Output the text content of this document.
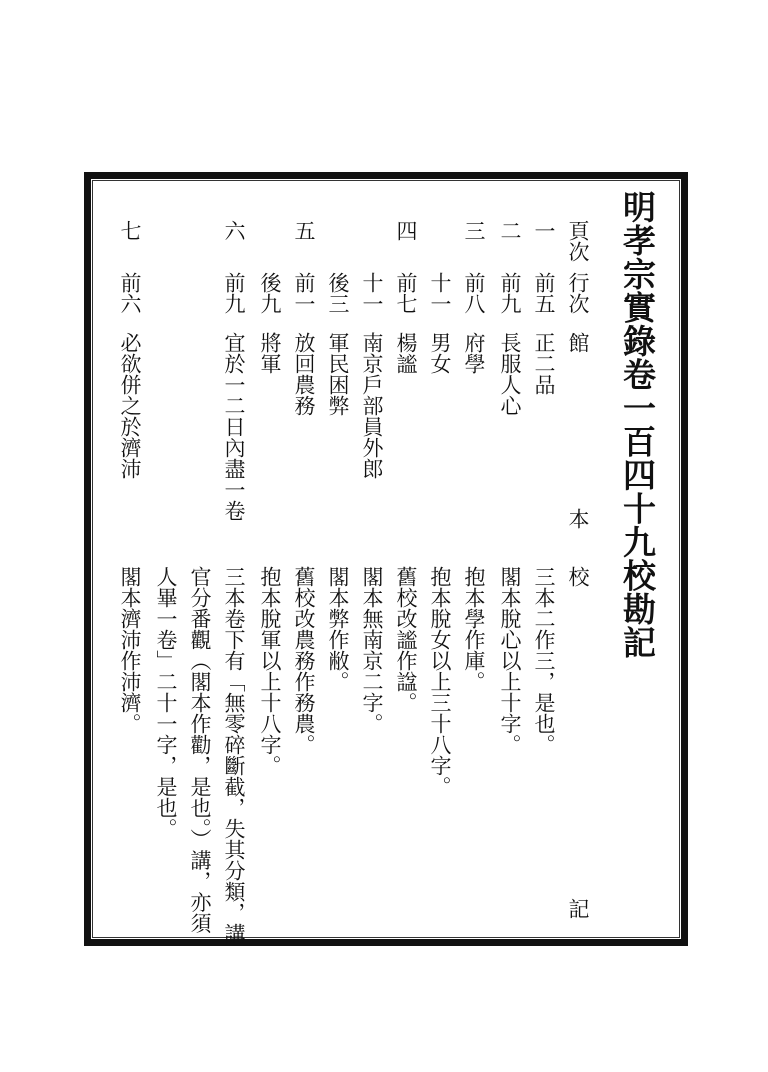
明孝宗實錄卷一百四十九校勘記
頁次
行次
館
本
校
記
一
前五
正二品
三本二作三，是也。
二
前九
長服人心
閣本脫心以上十字。
三
前八
府學
抱本學作庫。
十一
男女
抱本脫女以上三十八字。
四
前七
楊謐
舊校改謐作諡。
十一
南京戶部員外郎
閣本無南京二字。
後三
軍民困弊
閣本弊作敝。
五
前一
放回農務
舊校改農務作務農。
後九
將軍
抱本脫軍以上十八字。
六
前九
宜於一二日內盡一卷
三本卷下有「無零碎斷截，失其分類，講
官分番觀（閣本作勸，是也。）講，亦須
人畢一卷」二十一字，是也。
七
前六
必欲併之於濟沛
閣本濟沛作沛濟。
